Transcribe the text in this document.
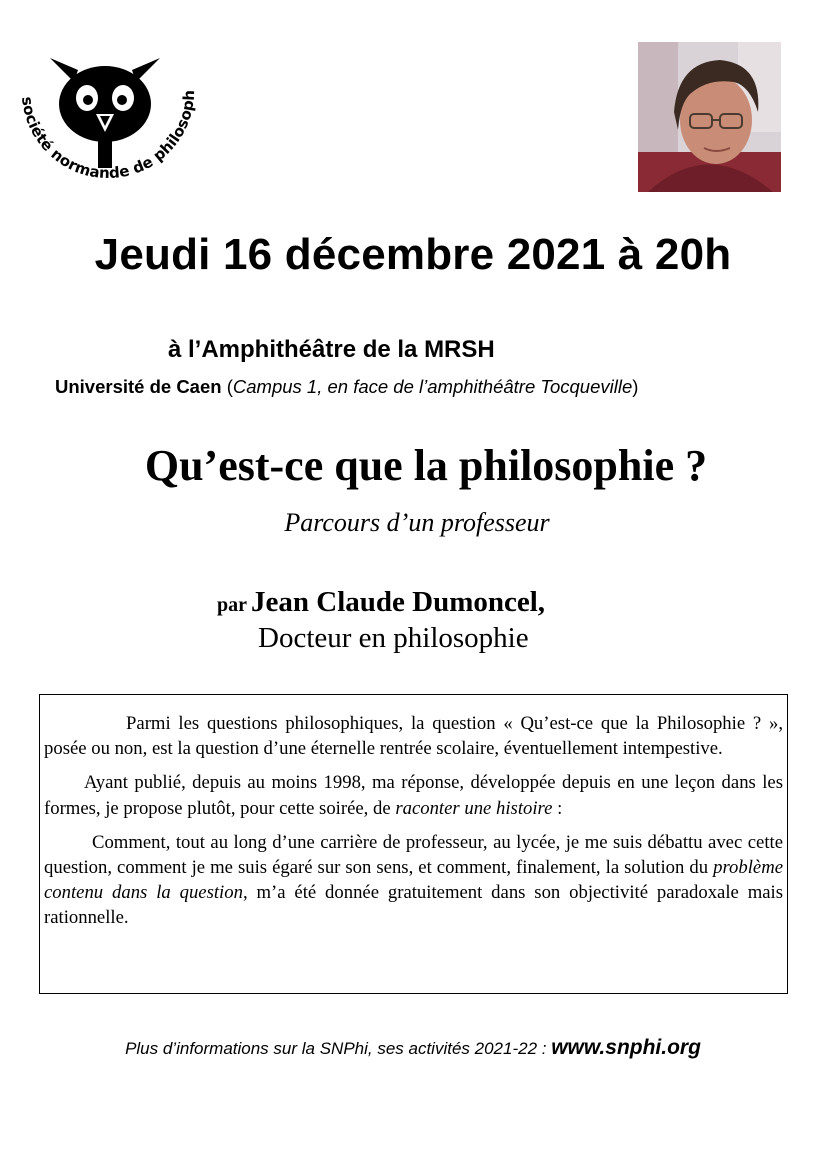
société normande de philosoph
Jeudi 16 décembre 2021 à 20h
à l’Amphithéâtre de la MRSH
Université de Caen (Campus 1, en face de l’amphithéâtre Tocqueville)
Qu’est-ce que la philosophie ?
Parcours d’un professeur
par Jean Claude Dumoncel,
Docteur en philosophie

Parmi les questions philosophiques, la question « Qu’est-ce que la Philosophie ? », posée ou non, est la question d’une éternelle rentrée scolaire, éventuellement intempestive.

Ayant publié, depuis au moins 1998, ma réponse, développée depuis en une leçon dans les formes, je propose plutôt, pour cette soirée, de raconter une histoire :

Comment, tout au long d’une carrière de professeur, au lycée, je me suis débattu avec cette question, comment je me suis égaré sur son sens, et comment, finalement, la solution du problème contenu dans la question, m’a été donnée gratuitement dans son objectivité paradoxale mais rationnelle.

Plus d’informations sur la SNPhi, ses activités 2021-22 : www.snphi.org
